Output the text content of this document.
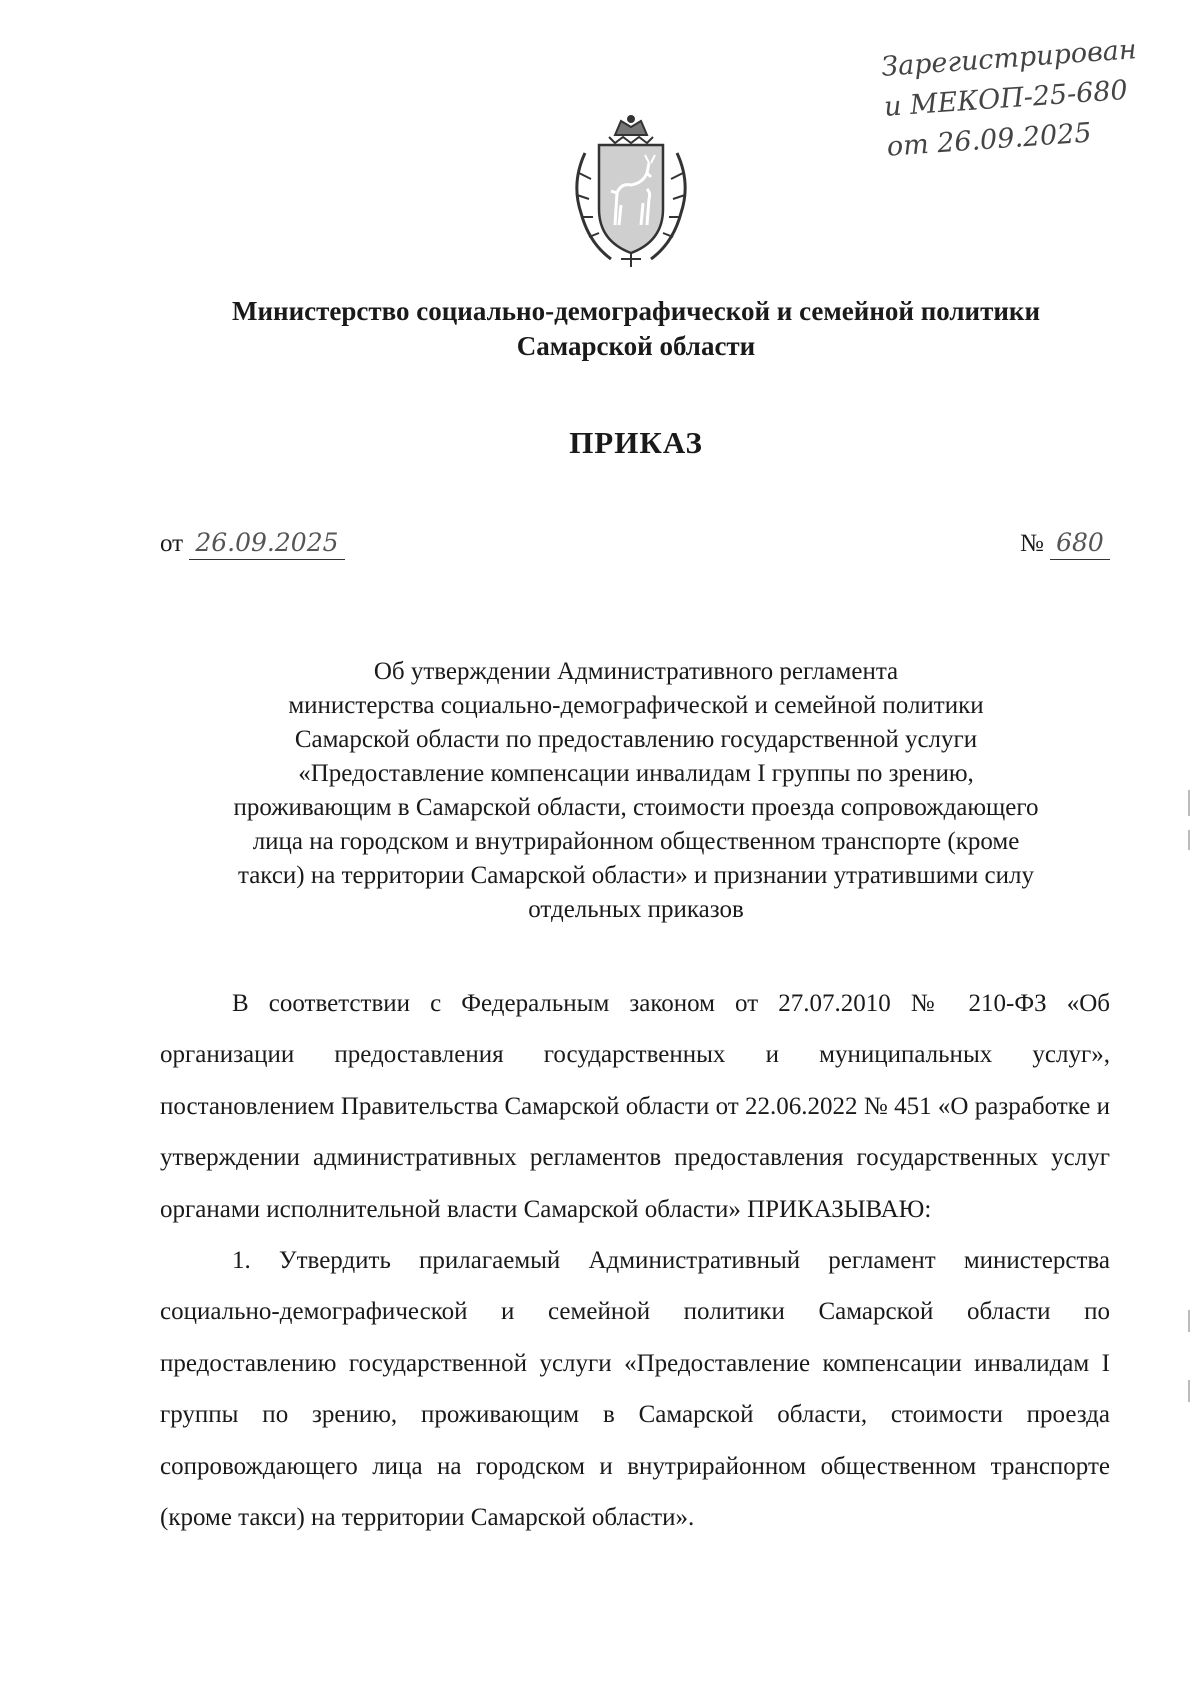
Зарегистрирован
и МЕКОП-25-680
от 26.09.2025
Министерство социально-демографической и семейной политики
Самарской области
ПРИКАЗ
от 26.09.2025	№ 680
Об утверждении Административного регламента
министерства социально-демографической и семейной политики
Самарской области по предоставлению государственной услуги
«Предоставление компенсации инвалидам I группы по зрению,
проживающим в Самарской области, стоимости проезда сопровождающего
лица на городском и внутрирайонном общественном транспорте (кроме
такси) на территории Самарской области» и признании утратившими силу
отдельных приказов

В соответствии с Федеральным законом от 27.07.2010 № 210-ФЗ «Об организации предоставления государственных и муниципальных услуг», постановлением Правительства Самарской области от 22.06.2022 № 451 «О разработке и утверждении административных регламентов предоставления государственных услуг органами исполнительной власти Самарской области» ПРИКАЗЫВАЮ:

1. Утвердить прилагаемый Административный регламент министерства социально-демографической и семейной политики Самарской области по предоставлению государственной услуги «Предоставление компенсации инвалидам I группы по зрению, проживающим в Самарской области, стоимости проезда сопровождающего лица на городском и внутрирайонном общественном транспорте (кроме такси) на территории Самарской области».
